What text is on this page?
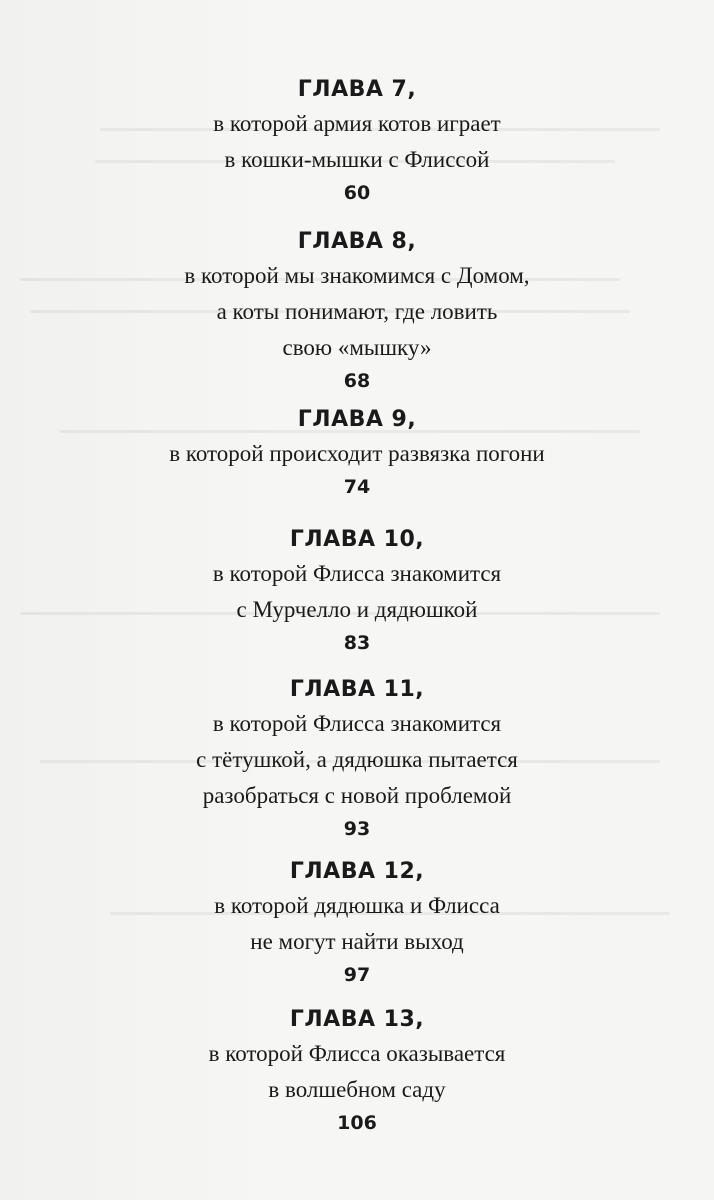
ГЛАВА 7,
в которой армия котов играет
в кошки-мышки с Флиссой
60
ГЛАВА 8,
в которой мы знакомимся с Домом,
а коты понимают, где ловить
свою «мышку»
68
ГЛАВА 9,
в которой происходит развязка погони
74
ГЛАВА 10,
в которой Флисса знакомится
с Мурчелло и дядюшкой
83
ГЛАВА 11,
в которой Флисса знакомится
с тётушкой, а дядюшка пытается
разобраться с новой проблемой
93
ГЛАВА 12,
в которой дядюшка и Флисса
не могут найти выход
97
ГЛАВА 13,
в которой Флисса оказывается
в волшебном саду
106
